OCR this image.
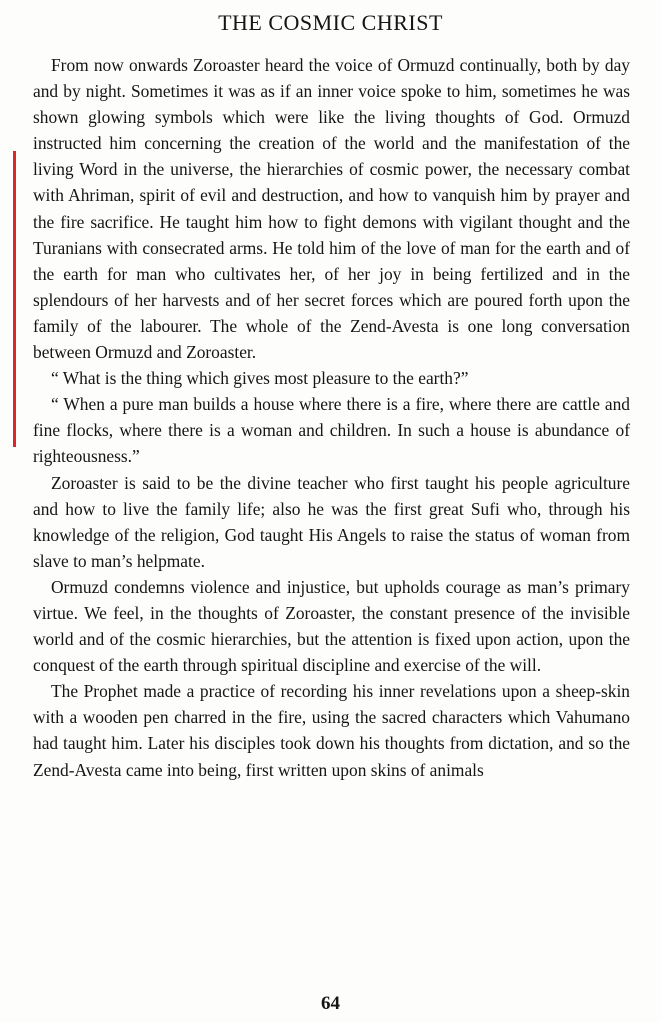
THE COSMIC CHRIST

From now onwards Zoroaster heard the voice of Ormuzd continually, both by day and by night. Sometimes it was as if an inner voice spoke to him, sometimes he was shown glowing symbols which were like the living thoughts of God. Ormuzd instructed him concerning the creation of the world and the manifestation of the living Word in the universe, the hierarchies of cosmic power, the necessary combat with Ahriman, spirit of evil and destruction, and how to vanquish him by prayer and the fire sacrifice. He taught him how to fight demons with vigilant thought and the Turanians with consecrated arms. He told him of the love of man for the earth and of the earth for man who cultivates her, of her joy in being fertilized and in the splendours of her harvests and of her secret forces which are poured forth upon the family of the labourer. The whole of the Zend-Avesta is one long conversation between Ormuzd and Zoroaster.

“ What is the thing which gives most pleasure to the earth?”

“ When a pure man builds a house where there is a fire, where there are cattle and fine flocks, where there is a woman and children. In such a house is abundance of righteousness.”

Zoroaster is said to be the divine teacher who first taught his people agriculture and how to live the family life; also he was the first great Sufi who, through his knowledge of the religion, God taught His Angels to raise the status of woman from slave to man’s helpmate.

Ormuzd condemns violence and injustice, but upholds courage as man’s primary virtue. We feel, in the thoughts of Zoroaster, the constant presence of the invisible world and of the cosmic hierarchies, but the attention is fixed upon action, upon the conquest of the earth through spiritual discipline and exercise of the will.

The Prophet made a practice of recording his inner revelations upon a sheep-skin with a wooden pen charred in the fire, using the sacred characters which Vahumano had taught him. Later his disciples took down his thoughts from dictation, and so the Zend-Avesta came into being, first written upon skins of animals

64
